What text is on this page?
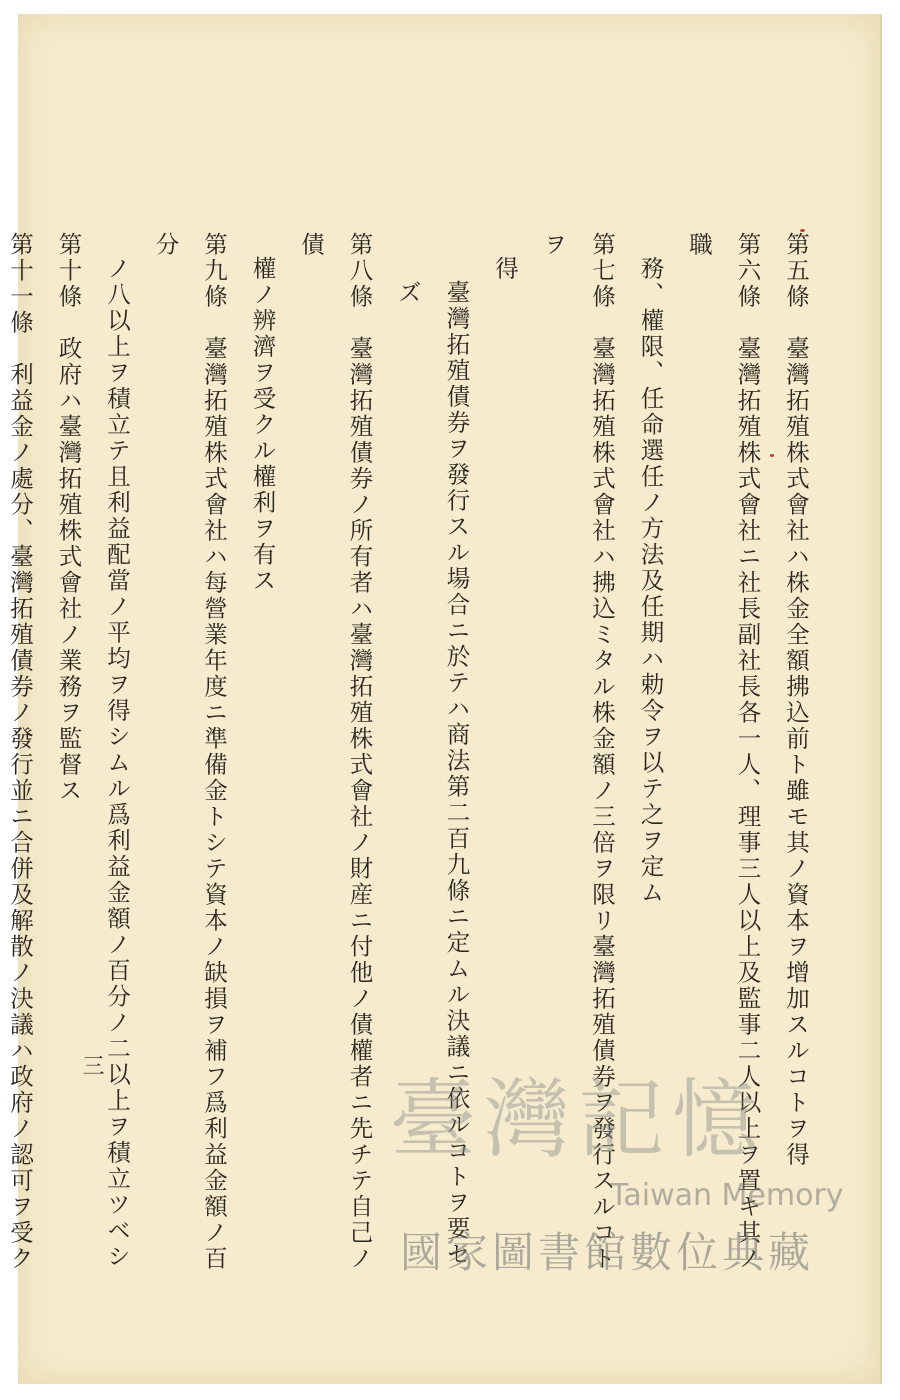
第五條　臺灣拓殖株式會社ハ株金全額拂込前ト雖モ其ノ資本ヲ增加スルコトヲ得

第六條　臺灣拓殖株式會社ニ社長副社長各一人、理事三人以上及監事二人以上ヲ置キ其ノ職

務、權限、任命選任ノ方法及任期ハ勅令ヲ以テ之ヲ定ム

第七條　臺灣拓殖株式會社ハ拂込ミタル株金額ノ三倍ヲ限リ臺灣拓殖債券ヲ發行スルコトヲ

得

臺灣拓殖債券ヲ發行スル場合ニ於テハ商法第二百九條ニ定ムル決議ニ依ルコトヲ要セズ

第八條　臺灣拓殖債券ノ所有者ハ臺灣拓殖株式會社ノ財産ニ付他ノ債權者ニ先チテ自己ノ債

權ノ辨濟ヲ受クル權利ヲ有ス

第九條　臺灣拓殖株式會社ハ每營業年度ニ準備金トシテ資本ノ缺損ヲ補フ爲利益金額ノ百分

ノ八以上ヲ積立テ且利益配當ノ平均ヲ得シムル爲利益金額ノ百分ノ二以上ヲ積立ツベシ

第十條　政府ハ臺灣拓殖株式會社ノ業務ヲ監督ス

第十一條　利益金ノ處分、臺灣拓殖債券ノ發行並ニ合併及解散ノ決議ハ政府ノ認可ヲ受ク

三
臺灣記憶
Taiwan Memory
國家圖書館數位典藏
